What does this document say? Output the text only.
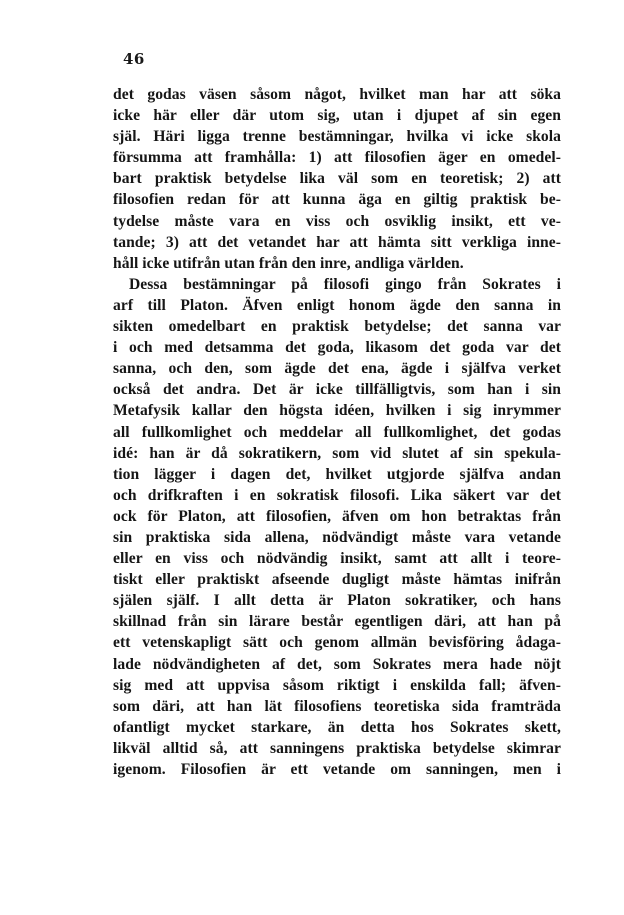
46
det godas väsen såsom något, hvilket man har att söka
icke här eller där utom sig, utan i djupet af sin egen
själ. Häri ligga trenne bestämningar, hvilka vi icke skola
försumma att framhålla: 1) att filosofien äger en omedel-
bart praktisk betydelse lika väl som en teoretisk; 2) att
filosofien redan för att kunna äga en giltig praktisk be-
tydelse måste vara en viss och osviklig insikt, ett ve-
tande; 3) att det vetandet har att hämta sitt verkliga inne-
håll icke utifrån utan från den inre, andliga världen.
Dessa bestämningar på filosofi gingo från Sokrates i
arf till Platon. Äfven enligt honom ägde den sanna in
sikten omedelbart en praktisk betydelse; det sanna var
i och med detsamma det goda, likasom det goda var det
sanna, och den, som ägde det ena, ägde i själfva verket
också det andra. Det är icke tillfälligtvis, som han i sin
Metafysik kallar den högsta idéen, hvilken i sig inrymmer
all fullkomlighet och meddelar all fullkomlighet, det godas
idé: han är då sokratikern, som vid slutet af sin spekula-
tion lägger i dagen det, hvilket utgjorde själfva andan
och drifkraften i en sokratisk filosofi. Lika säkert var det
ock för Platon, att filosofien, äfven om hon betraktas från
sin praktiska sida allena, nödvändigt måste vara vetande
eller en viss och nödvändig insikt, samt att allt i teore-
tiskt eller praktiskt afseende dugligt måste hämtas inifrån
själen själf. I allt detta är Platon sokratiker, och hans
skillnad från sin lärare består egentligen däri, att han på
ett vetenskapligt sätt och genom allmän bevisföring ådaga-
lade nödvändigheten af det, som Sokrates mera hade nöjt
sig med att uppvisa såsom riktigt i enskilda fall; äfven-
som däri, att han lät filosofiens teoretiska sida framträda
ofantligt mycket starkare, än detta hos Sokrates skett,
likväl alltid så, att sanningens praktiska betydelse skimrar
igenom. Filosofien är ett vetande om sanningen, men i
